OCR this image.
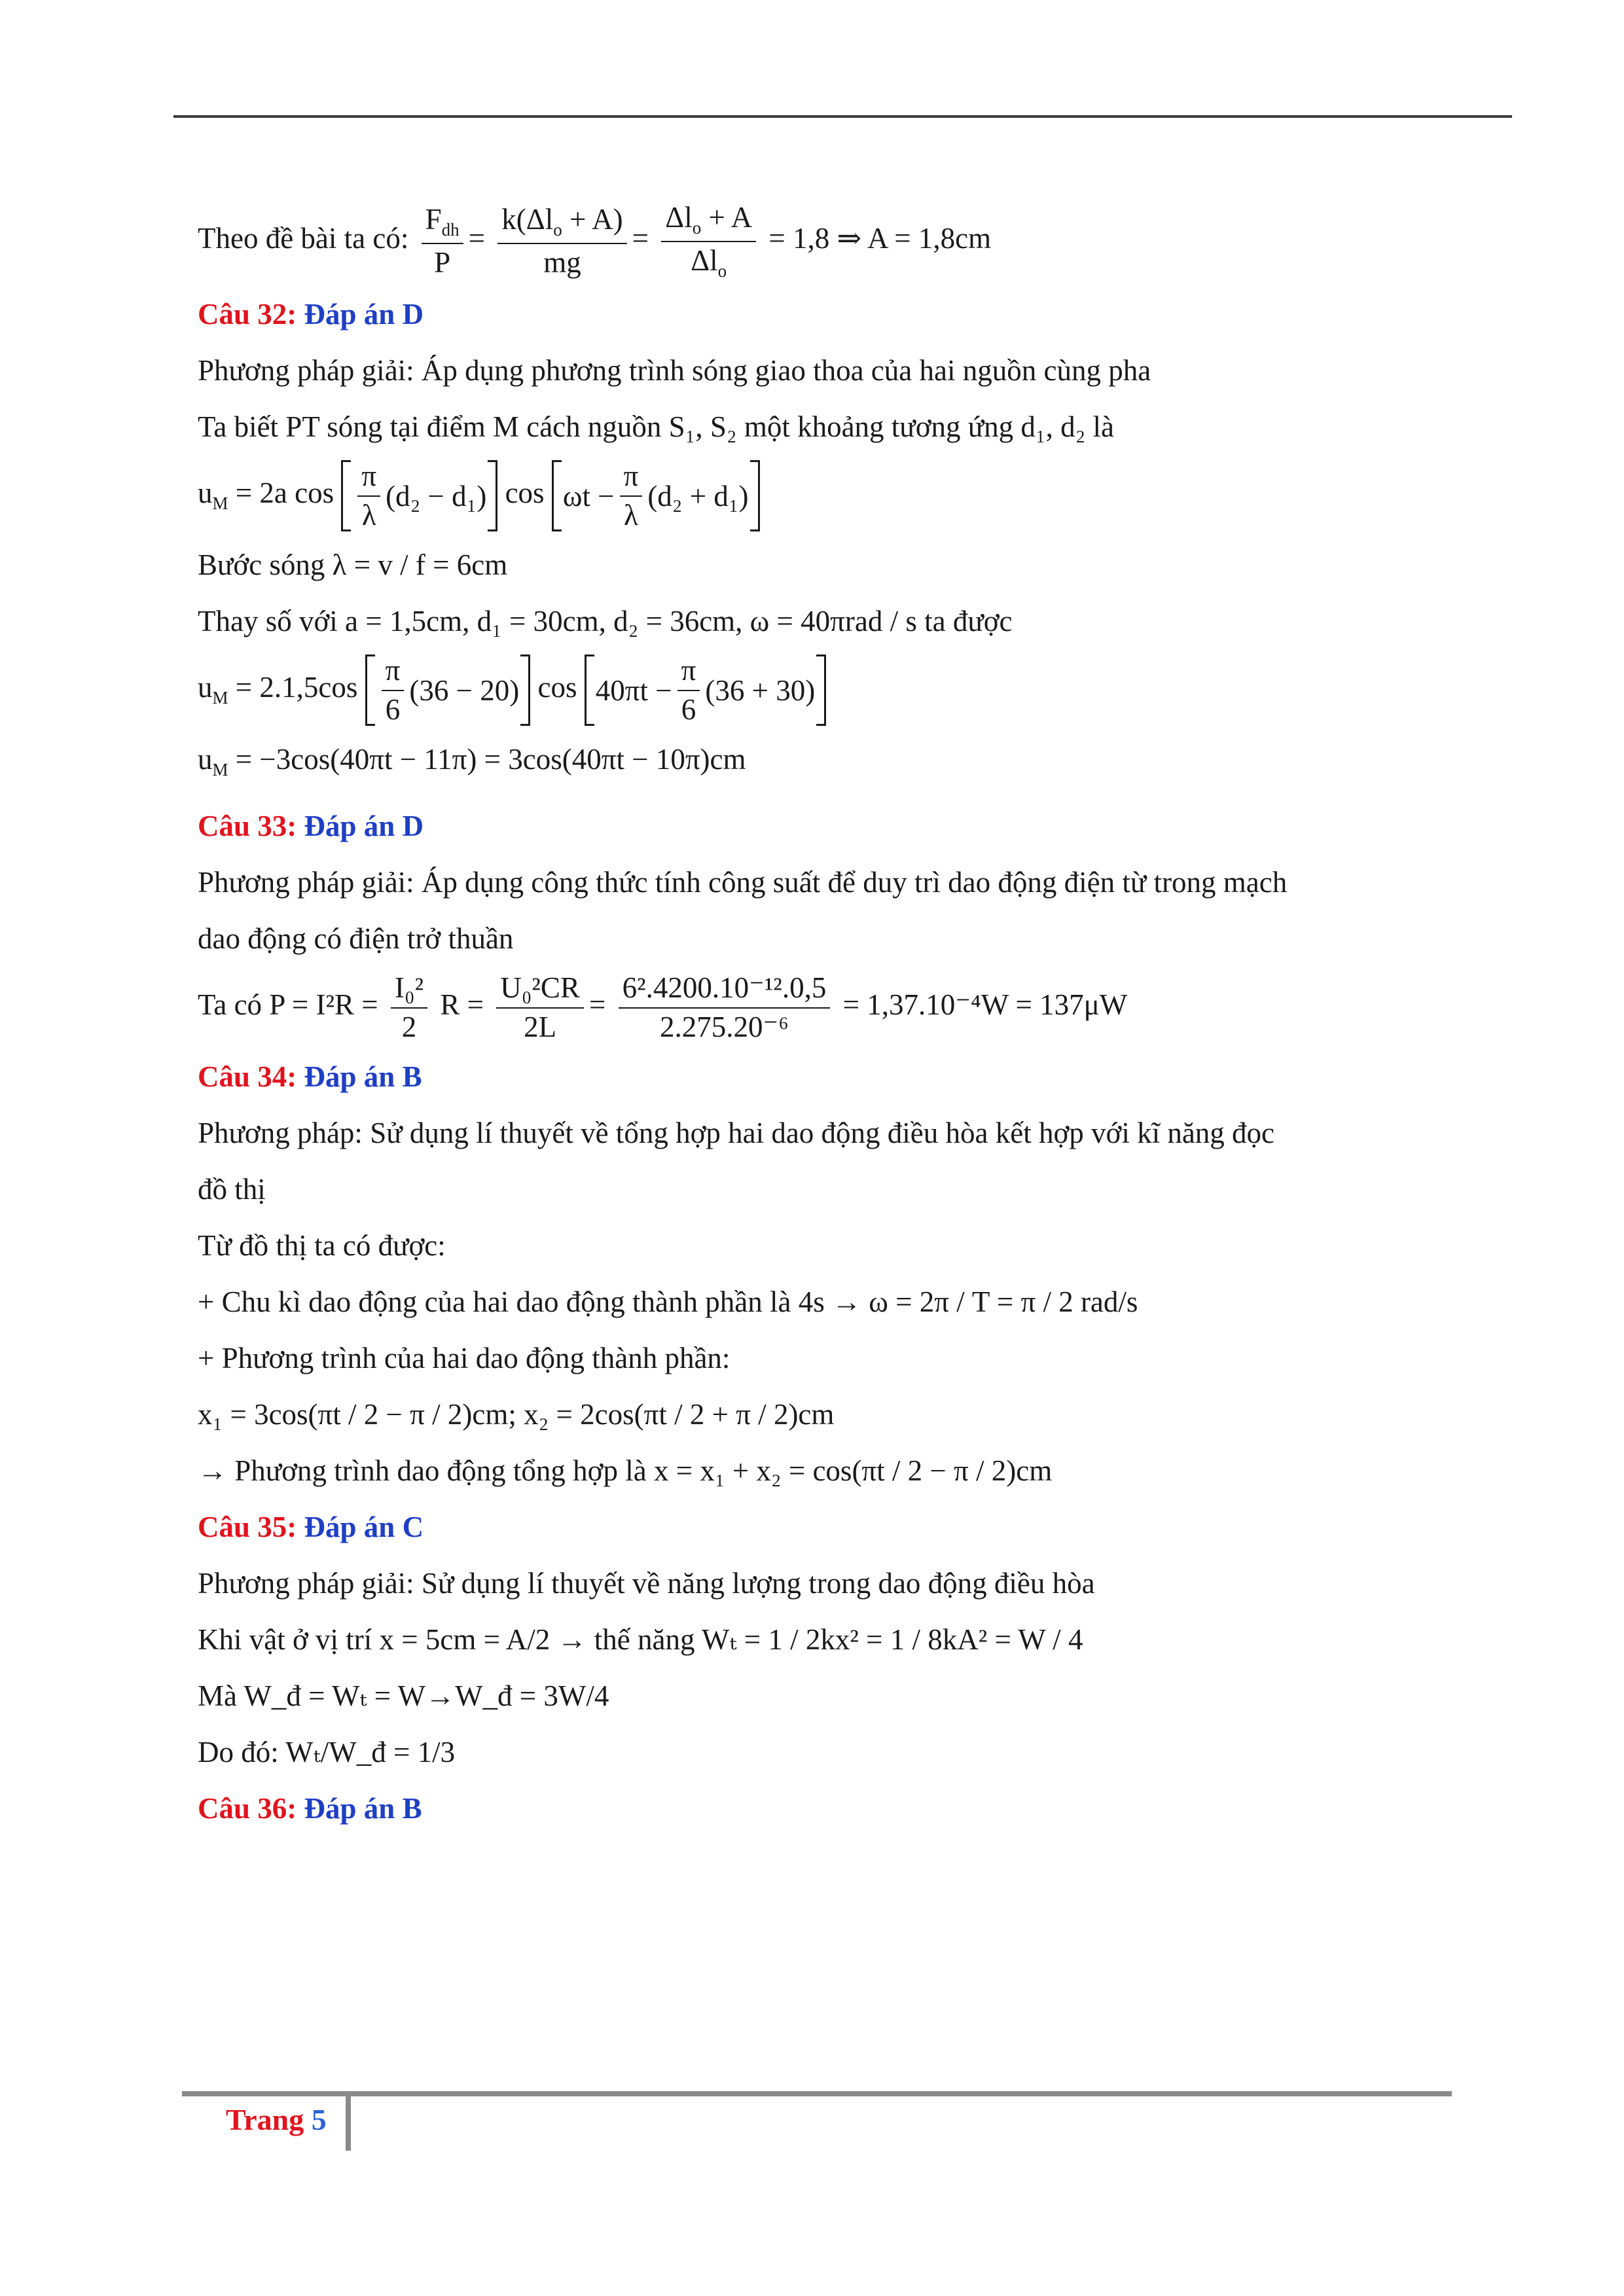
Theo đề bài ta có: $\frac{F_{dh}}{P} = \frac{k(\Delta l_o + A)}{mg} = \frac{\Delta l_o + A}{\Delta l_o} = 1,8$ ⇒ A = 1,8cm
Câu 32: Đáp án D
Phương pháp giải: Áp dụng phương trình sóng giao thoa của hai nguồn cùng pha
Ta biết PT sóng tại điểm M cách nguồn S₁, S₂ một khoảng tương ứng d₁, d₂ là
$u_M = 2a$ $\cos \frac{\pi}{\lambda} (d_2 - d_1)$ $\cos \omega t - \frac{\pi}{\lambda} (d_2 + d_1)$
Bước sóng λ = v / f = 6cm
Thay số với a = 1,5cm, d₁ = 30cm, d₂ = 36cm, ω = 40πrad / s ta được
$u_M = 2.1,5\cos \frac{\pi}{6} (36 - 20)$ $\cos 40\pi t - \frac{\pi}{6} (36 + 30)$
$u_M = -3\cos(40\pi t - 11\pi) = 3\cos(40\pi t - 10\pi)cm$
Câu 33: Đáp án D
Phương pháp giải: Áp dụng công thức tính công suất để duy trì dao động điện từ trong mạch
dao động có điện trở thuần
Ta có $P = I^2R = \frac{\text{I₀²}}{2}$ $R = \frac{\text{U₀²CR}}{2L} = \frac{\text{6².4200.10⁻¹².0,5}}{\text{2.275.20⁻⁶}} = 1,37.10^{-4}W = 137\mu W$
Câu 34: Đáp án B
Phương pháp: Sử dụng lí thuyết về tổng hợp hai dao động điều hòa kết hợp với kĩ năng đọc
đồ thị
Từ đồ thị ta có được:
+ Chu kì dao động của hai dao động thành phần là 4s → ω = 2π / T = π / 2 rad/s
+ Phương trình của hai dao động thành phần:
x₁ = 3cos(πt / 2 − π / 2)cm; x₂ = 2cos(πt / 2 + π / 2)cm
→ Phương trình dao động tổng hợp là x = x₁ + x₂ = cos(πt / 2 − π / 2)cm
Câu 35: Đáp án C
Phương pháp giải: Sử dụng lí thuyết về năng lượng trong dao động điều hòa
Khi vật ở vị trí x = 5cm = A/2 → thế năng Wₜ = 1 / 2kx² = 1 / 8kA² = W / 4
Mà W_đ = Wₜ = W→W_đ = 3W/4
Do đó: Wₜ/W_đ = 1/3
Câu 36: Đáp án B
Trang 5
